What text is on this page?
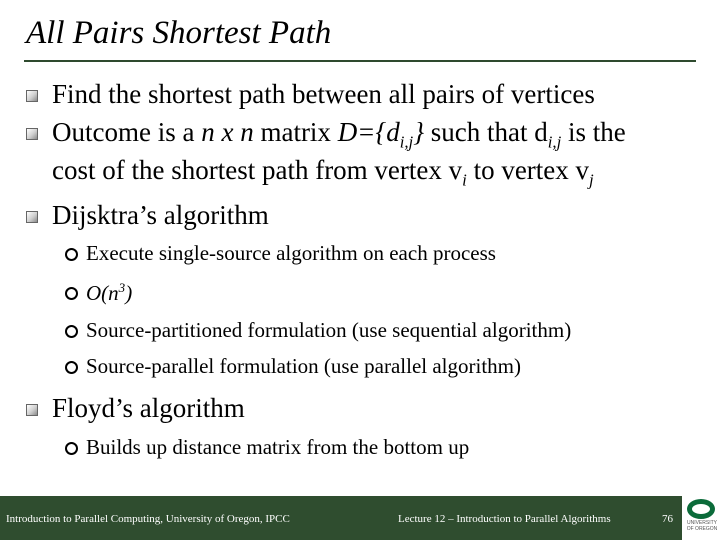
All Pairs Shortest Path
Find the shortest path between all pairs of vertices
Outcome is a n x n matrix $D=\{d_{i,j}\}$ such that $d_{i,j}$ is the
cost of the shortest path from vertex $v_i$ to vertex $v_j$
Dijsktra’s algorithm
Execute single-source algorithm on each process
$O(n^3)$
Source-partitioned formulation (use sequential algorithm)
Source-parallel formulation (use parallel algorithm)
Floyd’s algorithm
Builds up distance matrix from the bottom up
Introduction to Parallel Computing, University of Oregon, IPCC	Lecture 12 – Introduction to Parallel Algorithms	76	UNIVERSITY
OF OREGON
